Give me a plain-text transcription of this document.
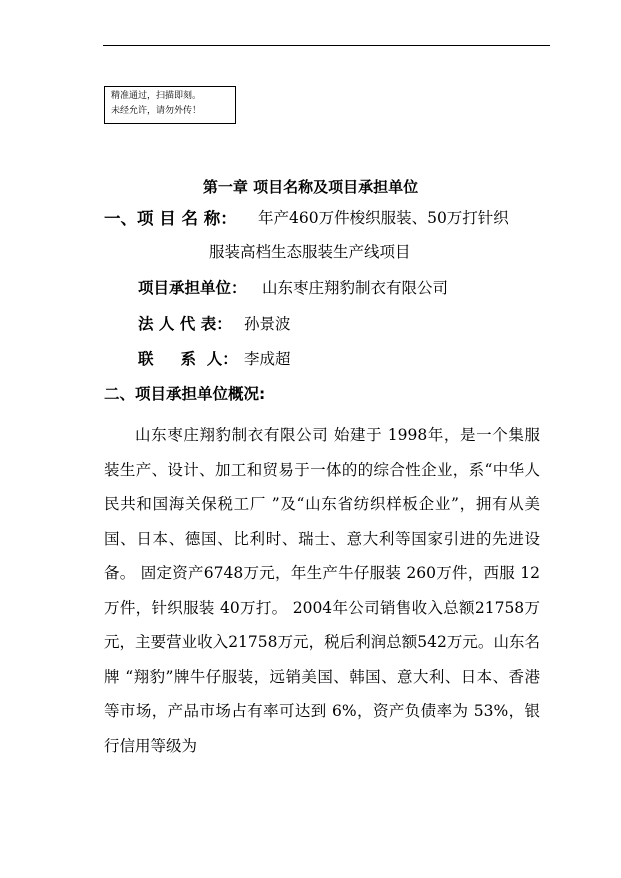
精准通过，扫描即刻。
未经允许，请勿外传！
第一章 项目名称及项目承担单位
一、项 目 名 称： 年产460万件梭织服装、50万打针织
服装高档生态服装生产线项目
项目承担单位： 山东枣庄翔豹制衣有限公司
法 人 代 表： 孙景波
联     系  人： 李成超
二、项目承担单位概况:
山东枣庄翔豹制衣有限公司 始建于 1998年，是一个集服装生产、设计、加工和贸易于一体的的综合性企业，系“中华人民共和国海关保税工厂 ”及“山东省纺织样板企业”，拥有从美国、日本、德国、比利时、瑞士、意大利等国家引进的先进设备。 固定资产6748万元，年生产牛仔服装 260万件，西服 12万件，针织服装 40万打。 2004年公司销售收入总额21758万元，主要营业收入21758万元，税后利润总额542万元。山东名牌 “翔豹”牌牛仔服装，远销美国、韩国、意大利、日本、香港等市场，产品市场占有率可达到 6%，资产负债率为 53%，银行信用等级为
